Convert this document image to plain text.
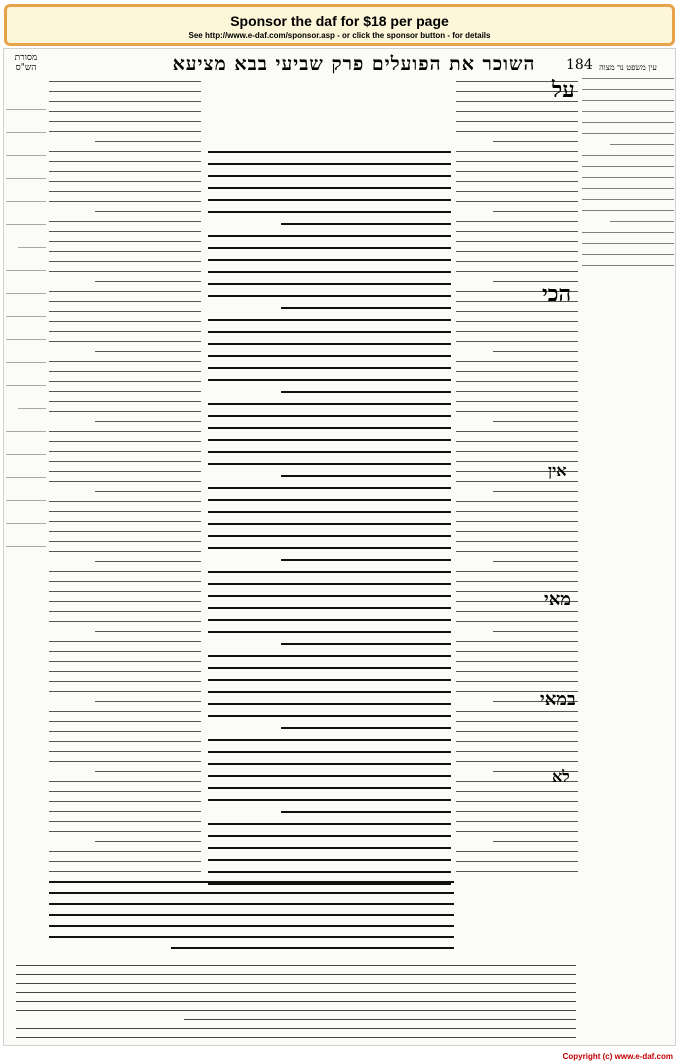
Sponsor the daf for $18 per page
See http://www.e-daf.com/sponsor.asp - or click the sponsor button - for details
מסורת הש"ס	השוכר את הפועלים פרק שביעי בבא מציעא	184 עין משפט נר מצוה
על
הכי
אין
מאי
במאי
לא
Copyright (c) www.e-daf.com
